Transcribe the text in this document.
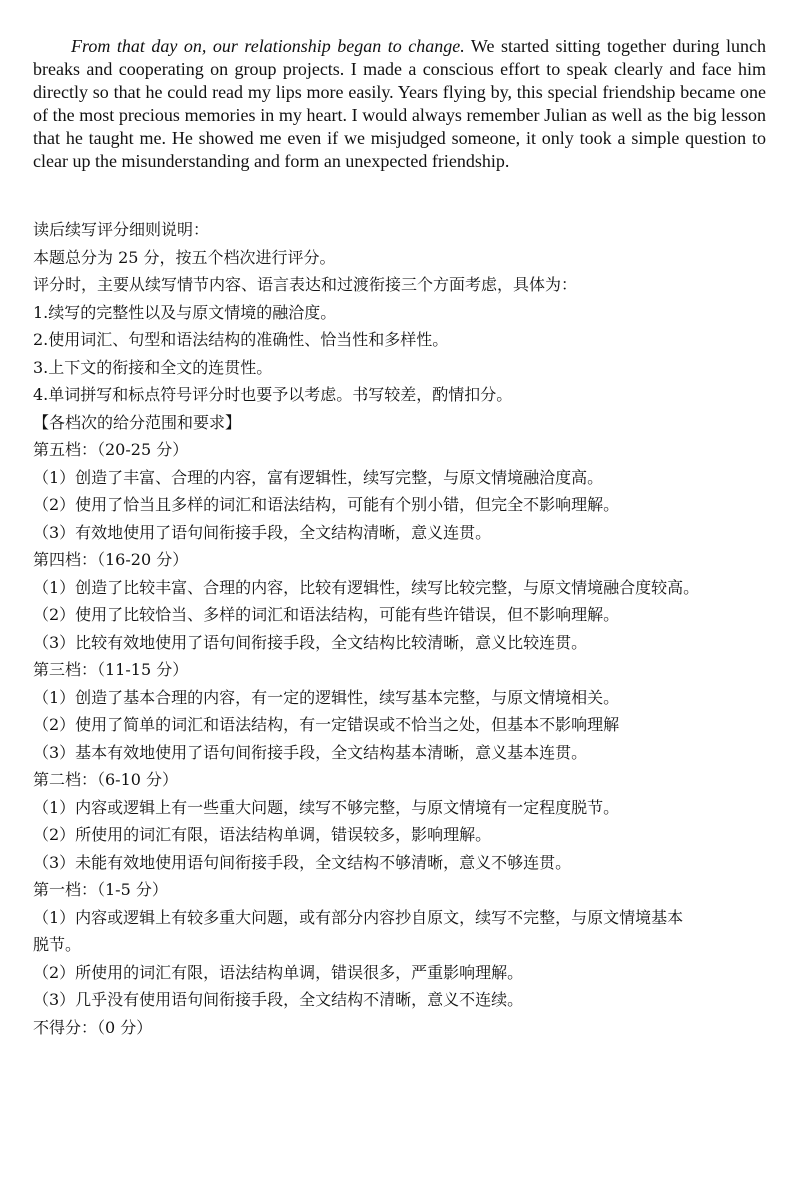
From that day on, our relationship began to change. We started sitting together during lunch breaks and cooperating on group projects. I made a conscious effort to speak clearly and face him directly so that he could read my lips more easily. Years flying by, this special friendship became one of the most precious memories in my heart. I would always remember Julian as well as the big lesson that he taught me. He showed me even if we misjudged someone, it only took a simple question to clear up the misunderstanding and form an unexpected friendship.

读后续写评分细则说明：
本题总分为 25 分，按五个档次进行评分。
评分时，主要从续写情节内容、语言表达和过渡衔接三个方面考虑，具体为：
1.续写的完整性以及与原文情境的融洽度。
2.使用词汇、句型和语法结构的准确性、恰当性和多样性。
3.上下文的衔接和全文的连贯性。
4.单词拼写和标点符号评分时也要予以考虑。书写较差，酌情扣分。
【各档次的给分范围和要求】
第五档：（20-25 分）
（1）创造了丰富、合理的内容，富有逻辑性，续写完整，与原文情境融洽度高。
（2）使用了恰当且多样的词汇和语法结构，可能有个别小错，但完全不影响理解。
（3）有效地使用了语句间衔接手段，全文结构清晰，意义连贯。
第四档：（16-20 分）
（1）创造了比较丰富、合理的内容，比较有逻辑性，续写比较完整，与原文情境融合度较高。
（2）使用了比较恰当、多样的词汇和语法结构，可能有些许错误，但不影响理解。
（3）比较有效地使用了语句间衔接手段，全文结构比较清晰，意义比较连贯。
第三档：（11-15 分）
（1）创造了基本合理的内容，有一定的逻辑性，续写基本完整，与原文情境相关。
（2）使用了简单的词汇和语法结构，有一定错误或不恰当之处，但基本不影响理解
（3）基本有效地使用了语句间衔接手段，全文结构基本清晰，意义基本连贯。
第二档：（6-10 分）
（1）内容或逻辑上有一些重大问题，续写不够完整，与原文情境有一定程度脱节。
（2）所使用的词汇有限，语法结构单调，错误较多，影响理解。
（3）未能有效地使用语句间衔接手段，全文结构不够清晰，意义不够连贯。
第一档：（1-5 分）
（1）内容或逻辑上有较多重大问题，或有部分内容抄自原文，续写不完整，与原文情境基本
脱节。
（2）所使用的词汇有限，语法结构单调，错误很多，严重影响理解。
（3）几乎没有使用语句间衔接手段，全文结构不清晰，意义不连续。
不得分：（0 分）
